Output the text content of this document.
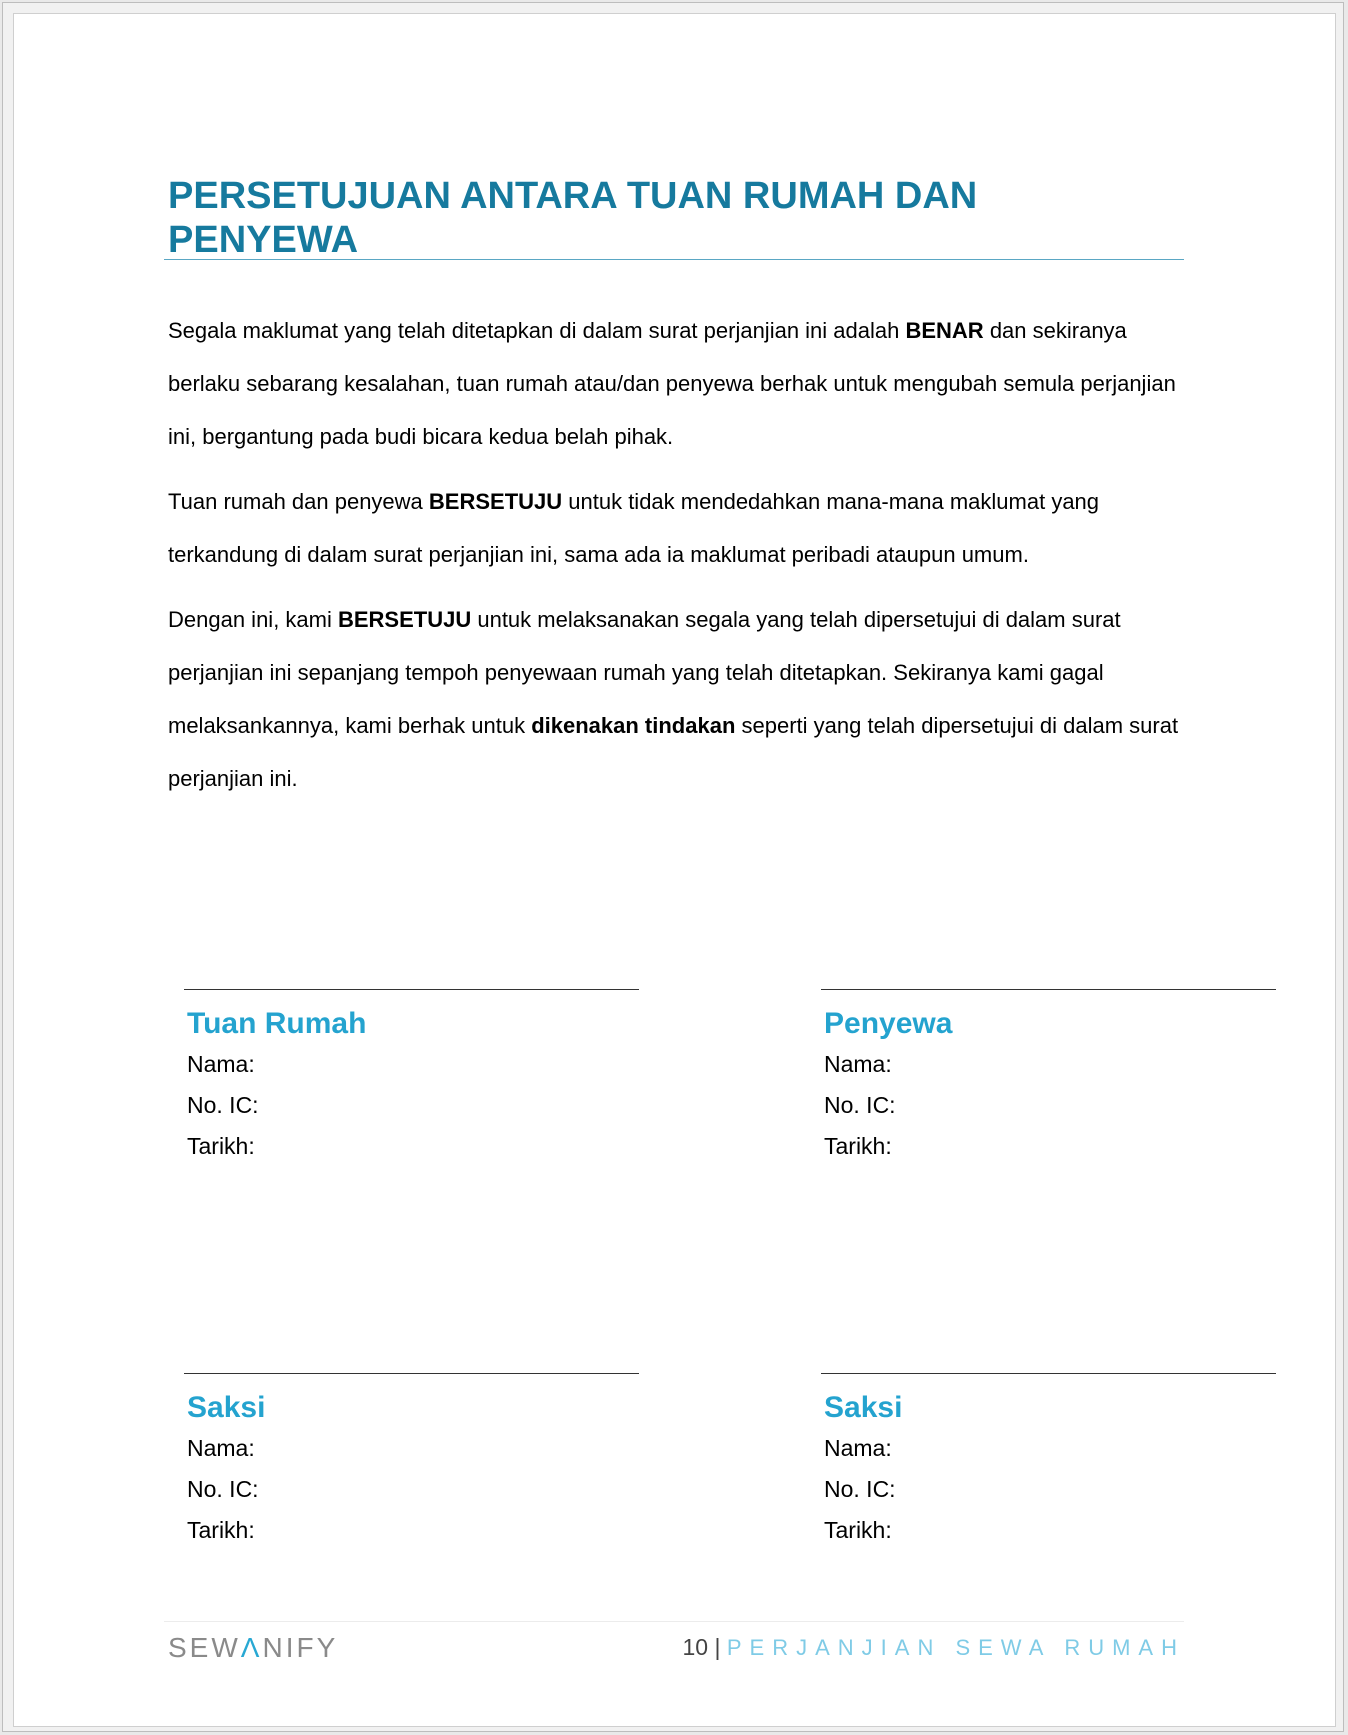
PERSETUJUAN ANTARA TUAN RUMAH DAN PENYEWA

Segala maklumat yang telah ditetapkan di dalam surat perjanjian ini adalah BENAR dan sekiranya berlaku sebarang kesalahan, tuan rumah atau/dan penyewa berhak untuk mengubah semula perjanjian ini, bergantung pada budi bicara kedua belah pihak.

Tuan rumah dan penyewa BERSETUJU untuk tidak mendedahkan mana-mana maklumat yang terkandung di dalam surat perjanjian ini, sama ada ia maklumat peribadi ataupun umum.

Dengan ini, kami BERSETUJU untuk melaksanakan segala yang telah dipersetujui di dalam surat perjanjian ini sepanjang tempoh penyewaan rumah yang telah ditetapkan. Sekiranya kami gagal melaksankannya, kami berhak untuk dikenakan tindakan seperti yang telah dipersetujui di dalam surat perjanjian ini.

Tuan Rumah
Nama:
No. IC:
Tarikh:
Penyewa
Nama:
No. IC:
Tarikh:
Saksi
Nama:
No. IC:
Tarikh:
Saksi
Nama:
No. IC:
Tarikh:
SEWΛNIFY	10 | PERJANJIAN SEWA RUMAH
